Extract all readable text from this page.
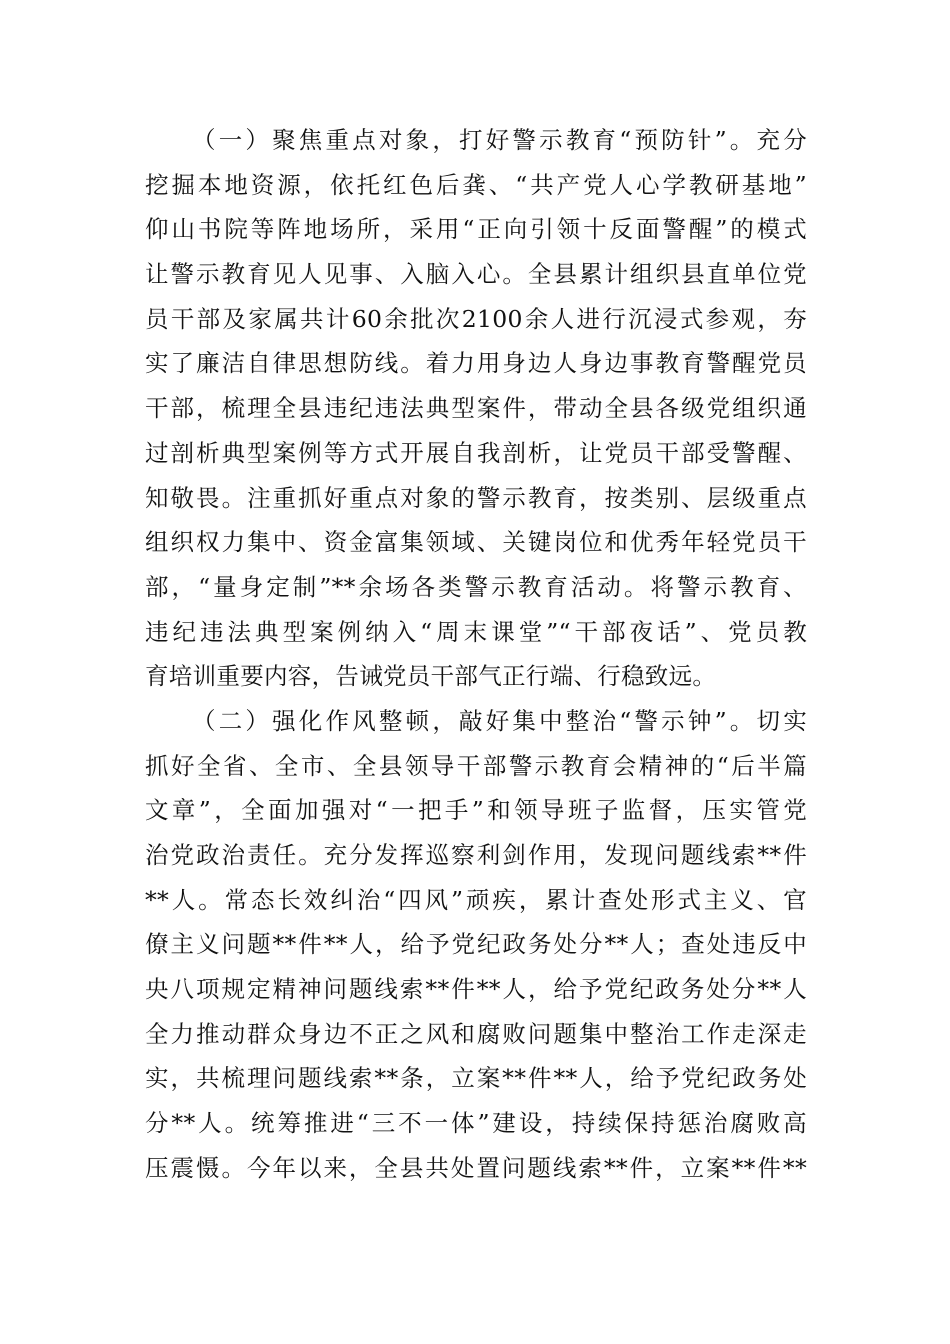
（一）聚焦重点对象，打好警示教育“预防针”。充分
挖掘本地资源，依托红色后龚、“共产党人心学教研基地”
仰山书院等阵地场所，采用“正向引领十反面警醒”的模式
让警示教育见人见事、入脑入心。全县累计组织县直单位党
员干部及家属共计60余批次2100余人进行沉浸式参观，夯
实了廉洁自律思想防线。着力用身边人身边事教育警醒党员
干部，梳理全县违纪违法典型案件，带动全县各级党组织通
过剖析典型案例等方式开展自我剖析，让党员干部受警醒、
知敬畏。注重抓好重点对象的警示教育，按类别、层级重点
组织权力集中、资金富集领域、关键岗位和优秀年轻党员干
部，“量身定制”**余场各类警示教育活动。将警示教育、
违纪违法典型案例纳入“周末课堂”“干部夜话”、党员教
育培训重要内容，告诫党员干部气正行端、行稳致远。
（二）强化作风整顿，敲好集中整治“警示钟”。切实
抓好全省、全市、全县领导干部警示教育会精神的“后半篇
文章”，全面加强对“一把手”和领导班子监督，压实管党
治党政治责任。充分发挥巡察利剑作用，发现问题线索**件
**人。常态长效纠治“四风”顽疾，累计查处形式主义、官
僚主义问题**件**人，给予党纪政务处分**人；查处违反中
央八项规定精神问题线索**件**人，给予党纪政务处分**人
全力推动群众身边不正之风和腐败问题集中整治工作走深走
实，共梳理问题线索**条，立案**件**人，给予党纪政务处
分**人。统筹推进“三不一体”建设，持续保持惩治腐败高
压震慑。今年以来，全县共处置问题线索**件，立案**件**
